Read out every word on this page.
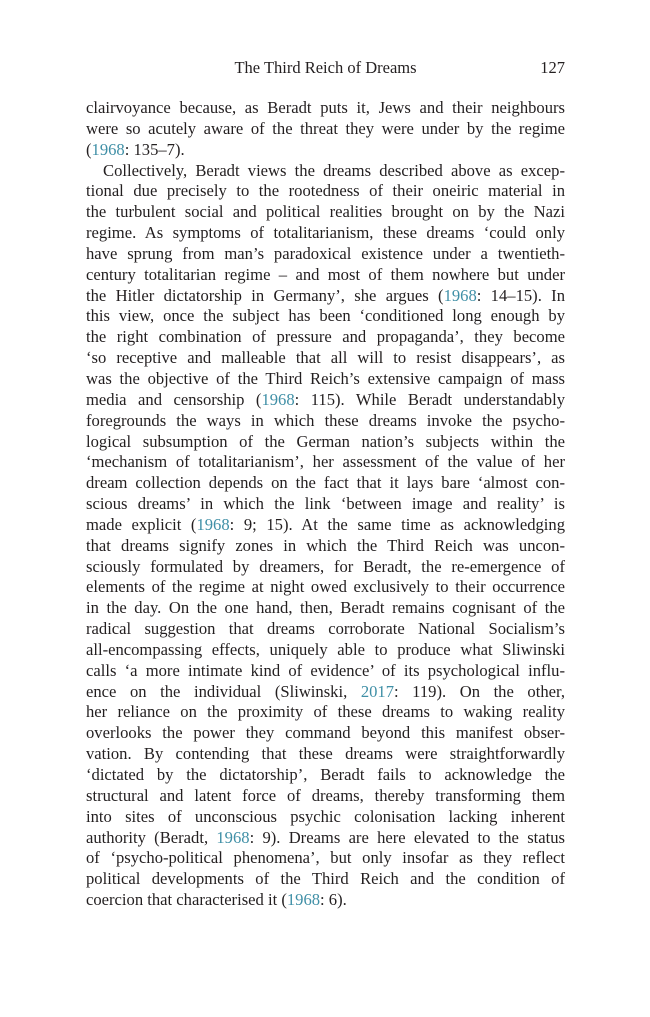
The Third Reich of Dreams	127
clairvoyance because, as Beradt puts it, Jews and their neighbours
were so acutely aware of the threat they were under by the regime
(1968: 135–7).
Collectively, Beradt views the dreams described above as excep-
tional due precisely to the rootedness of their oneiric material in
the turbulent social and political realities brought on by the Nazi
regime. As symptoms of totalitarianism, these dreams ‘could only
have sprung from man’s paradoxical existence under a twentieth-
century totalitarian regime – and most of them nowhere but under
the Hitler dictatorship in Germany’, she argues (1968: 14–15). In
this view, once the subject has been ‘conditioned long enough by
the right combination of pressure and propaganda’, they become
‘so receptive and malleable that all will to resist disappears’, as
was the objective of the Third Reich’s extensive campaign of mass
media and censorship (1968: 115). While Beradt understandably
foregrounds the ways in which these dreams invoke the psycho-
logical subsumption of the German nation’s subjects within the
‘mechanism of totalitarianism’, her assessment of the value of her
dream collection depends on the fact that it lays bare ‘almost con-
scious dreams’ in which the link ‘between image and reality’ is
made explicit (1968: 9; 15). At the same time as acknowledging
that dreams signify zones in which the Third Reich was uncon-
sciously formulated by dreamers, for Beradt, the re-emergence of
elements of the regime at night owed exclusively to their occurrence
in the day. On the one hand, then, Beradt remains cognisant of the
radical suggestion that dreams corroborate National Socialism’s
all-encompassing effects, uniquely able to produce what Sliwinski
calls ‘a more intimate kind of evidence’ of its psychological influ-
ence on the individual (Sliwinski, 2017: 119). On the other,
her reliance on the proximity of these dreams to waking reality
overlooks the power they command beyond this manifest obser-
vation. By contending that these dreams were straightforwardly
‘dictated by the dictatorship’, Beradt fails to acknowledge the
structural and latent force of dreams, thereby transforming them
into sites of unconscious psychic colonisation lacking inherent
authority (Beradt, 1968: 9). Dreams are here elevated to the status
of ‘psycho-political phenomena’, but only insofar as they reflect
political developments of the Third Reich and the condition of
coercion that characterised it (1968: 6).
